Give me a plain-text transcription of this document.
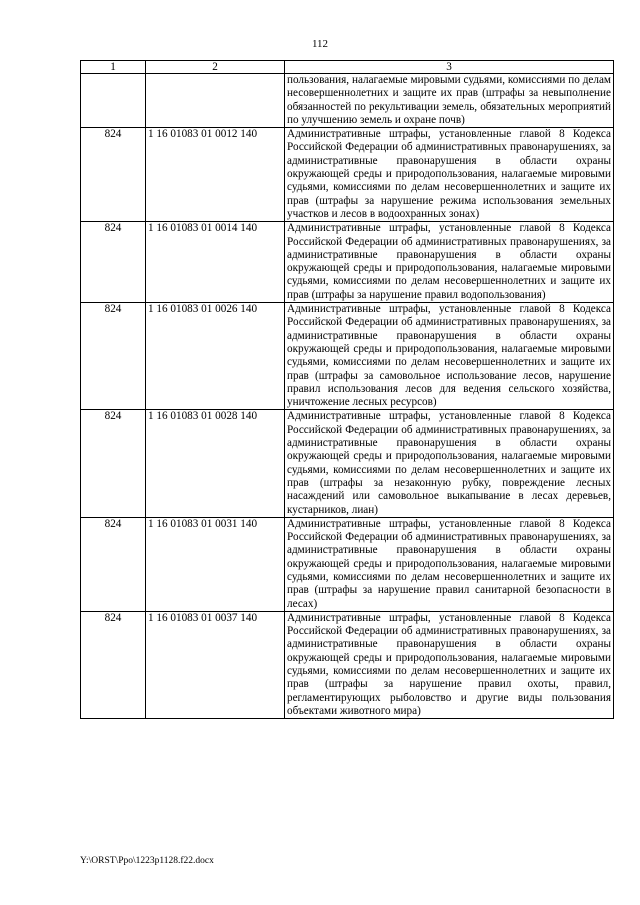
112
1	2	3
		пользования, налагаемые мировыми судьями, комиссиями по делам несовершеннолетних и защите их прав (штрафы за невыполнение обязанностей по рекультивации земель, обязательных мероприятий по улучшению земель и охране почв)
824	1 16 01083 01 0012 140	Административные штрафы, установленные главой 8 Кодекса Российской Федерации об административных правонарушениях, за административные правонарушения в области охраны окружающей среды и природопользования, налагаемые мировыми судьями, комиссиями по делам несовершеннолетних и защите их прав (штрафы за нарушение режима использования земельных участков и лесов в водоохранных зонах)
824	1 16 01083 01 0014 140	Административные штрафы, установленные главой 8 Кодекса Российской Федерации об административных правонарушениях, за административные правонарушения в области охраны окружающей среды и природопользования, налагаемые мировыми судьями, комиссиями по делам несовершеннолетних и защите их прав (штрафы за нарушение правил водопользования)
824	1 16 01083 01 0026 140	Административные штрафы, установленные главой 8 Кодекса Российской Федерации об административных правонарушениях, за административные правонарушения в области охраны окружающей среды и природопользования, налагаемые мировыми судьями, комиссиями по делам несовершеннолетних и защите их прав (штрафы за самовольное использование лесов, нарушение правил использования лесов для ведения сельского хозяйства, уничтожение лесных ресурсов)
824	1 16 01083 01 0028 140	Административные штрафы, установленные главой 8 Кодекса Российской Федерации об административных правонарушениях, за административные правонарушения в области охраны окружающей среды и природопользования, налагаемые мировыми судьями, комиссиями по делам несовершеннолетних и защите их прав (штрафы за незаконную рубку, повреждение лесных насаждений или самовольное выкапывание в лесах деревьев, кустарников, лиан)
824	1 16 01083 01 0031 140	Административные штрафы, установленные главой 8 Кодекса Российской Федерации об административных правонарушениях, за административные правонарушения в области охраны окружающей среды и природопользования, налагаемые мировыми судьями, комиссиями по делам несовершеннолетних и защите их прав (штрафы за нарушение правил санитарной безопасности в лесах)
824	1 16 01083 01 0037 140	Административные штрафы, установленные главой 8 Кодекса Российской Федерации об административных правонарушениях, за административные правонарушения в области охраны окружающей среды и природопользования, налагаемые мировыми судьями, комиссиями по делам несовершеннолетних и защите их прав (штрафы за нарушение правил охоты, правил, регламентирующих рыболовство и другие виды пользования объектами животного мира)
Y:\ORST\Ppo\1223p1128.f22.docx
